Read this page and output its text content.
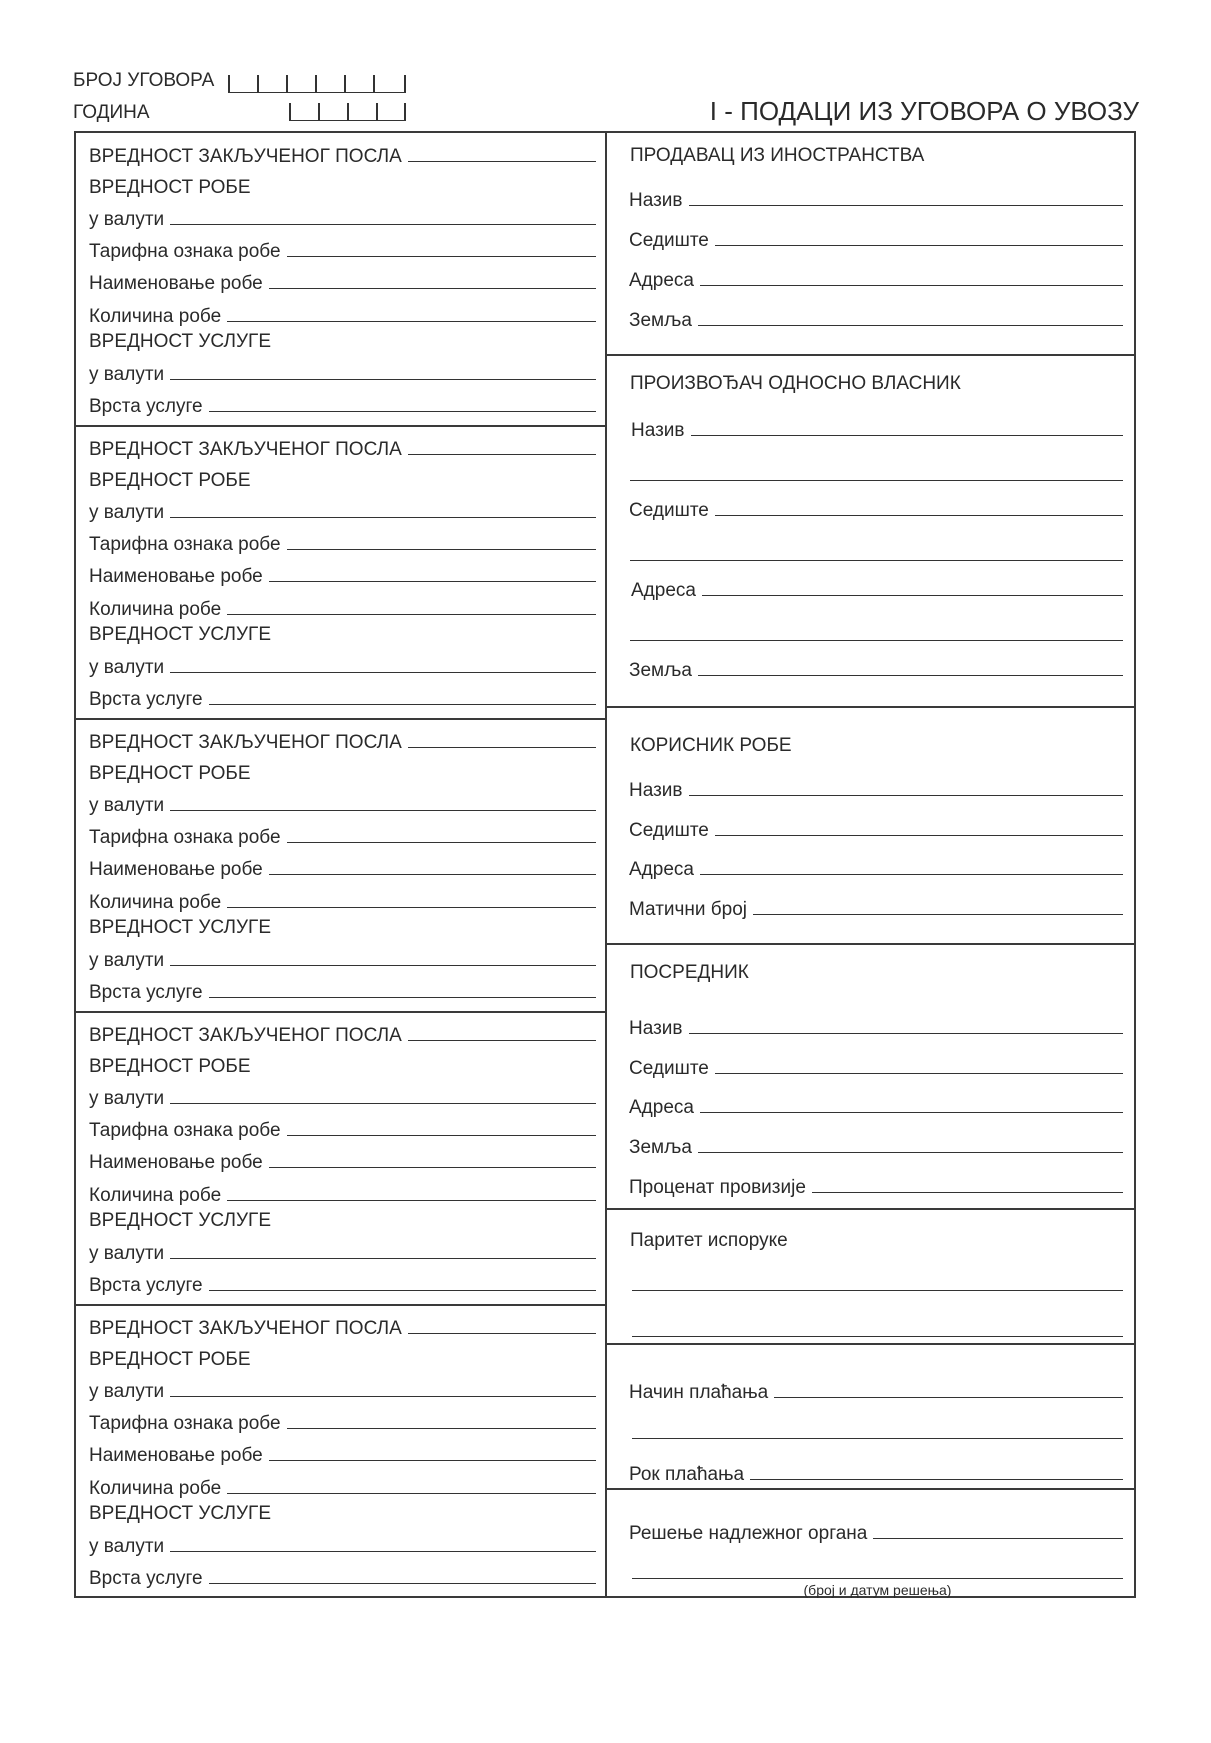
БРОЈ УГОВОРА
ГОДИНА	I - ПОДАЦИ ИЗ УГОВОРА О УВОЗУ
ВРЕДНОСТ ЗАКЉУЧЕНОГ ПОСЛА
ВРЕДНОСТ РОБЕ
у валути
Тарифна ознака робе
Наименовање робе
Количина робе
ВРЕДНОСТ УСЛУГЕ
у валути
Врста услуге
ВРЕДНОСТ ЗАКЉУЧЕНОГ ПОСЛА
ВРЕДНОСТ РОБЕ
у валути
Тарифна ознака робе
Наименовање робе
Количина робе
ВРЕДНОСТ УСЛУГЕ
у валути
Врста услуге
ВРЕДНОСТ ЗАКЉУЧЕНОГ ПОСЛА
ВРЕДНОСТ РОБЕ
у валути
Тарифна ознака робе
Наименовање робе
Количина робе
ВРЕДНОСТ УСЛУГЕ
у валути
Врста услуге
ВРЕДНОСТ ЗАКЉУЧЕНОГ ПОСЛА
ВРЕДНОСТ РОБЕ
у валути
Тарифна ознака робе
Наименовање робе
Количина робе
ВРЕДНОСТ УСЛУГЕ
у валути
Врста услуге
ВРЕДНОСТ ЗАКЉУЧЕНОГ ПОСЛА
ВРЕДНОСТ РОБЕ
у валути
Тарифна ознака робе
Наименовање робе
Количина робе
ВРЕДНОСТ УСЛУГЕ
у валути
Врста услуге
ПРОДАВАЦ ИЗ ИНОСТРАНСТВА
Назив
Седиште
Адреса
Земља
ПРОИЗВОЂАЧ ОДНОСНО ВЛАСНИК
Назив
Седиште
Адреса
Земља
КОРИСНИК РОБЕ
Назив
Седиште
Адреса
Матични број
ПОСРЕДНИК
Назив
Седиште
Адреса
Земља
Проценат провизије
Паритет испоруке
Начин плаћања
Рок плаћања
Решење надлежног органа
(број и датум решења)
